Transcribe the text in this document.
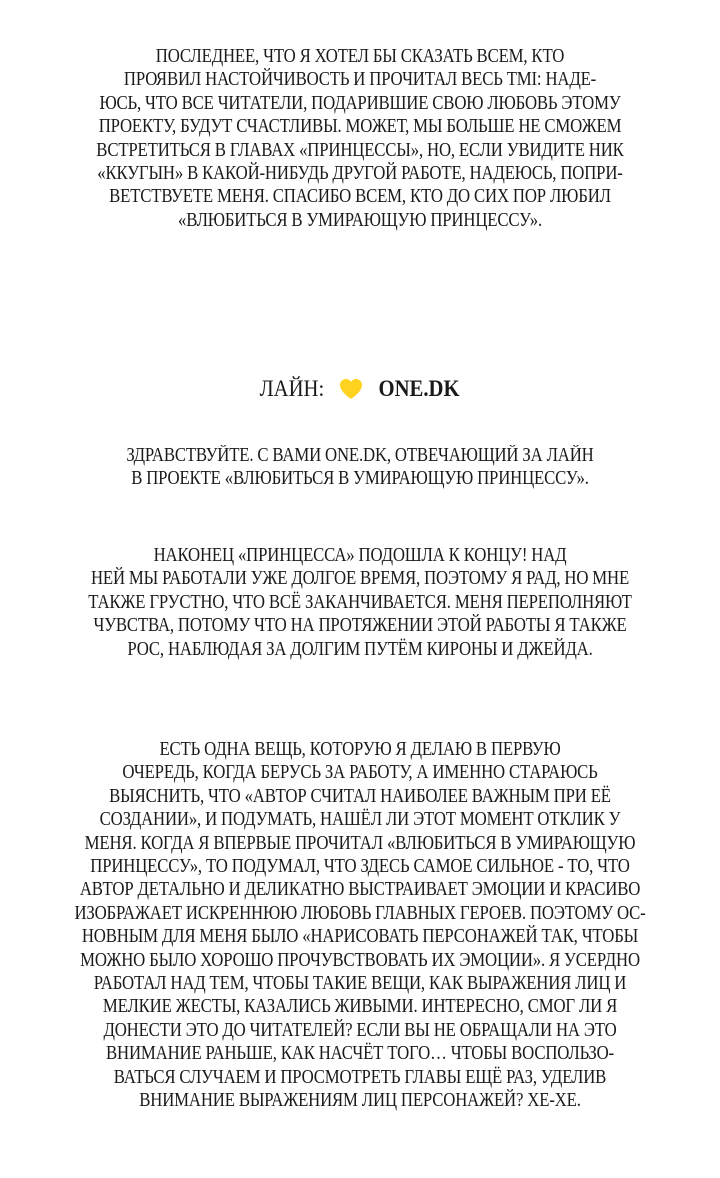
ПОСЛЕДНЕЕ, ЧТО Я ХОТЕЛ БЫ СКАЗАТЬ ВСЕМ, КТО
ПРОЯВИЛ НАСТОЙЧИВОСТЬ И ПРОЧИТАЛ ВЕСЬ TMI: НАДЕ-
ЮСЬ, ЧТО ВСЕ ЧИТАТЕЛИ, ПОДАРИВШИЕ СВОЮ ЛЮБОВЬ ЭТОМУ
ПРОЕКТУ, БУДУТ СЧАСТЛИВЫ. МОЖЕТ, МЫ БОЛЬШЕ НЕ СМОЖЕМ
ВСТРЕТИТЬСЯ В ГЛАВАХ «ПРИНЦЕССЫ», НО, ЕСЛИ УВИДИТЕ НИК
«ККУГЫН» В КАКОЙ-НИБУДЬ ДРУГОЙ РАБОТЕ, НАДЕЮСЬ, ПОПРИ-
ВЕТСТВУЕТЕ МЕНЯ. СПАСИБО ВСЕМ, КТО ДО СИХ ПОР ЛЮБИЛ
«ВЛЮБИТЬСЯ В УМИРАЮЩУЮ ПРИНЦЕССУ».
ЛАЙН: ONE.DK
ЗДРАВСТВУЙТЕ. С ВАМИ ONE.DK, ОТВЕЧАЮЩИЙ ЗА ЛАЙН
В ПРОЕКТЕ «ВЛЮБИТЬСЯ В УМИРАЮЩУЮ ПРИНЦЕССУ».
НАКОНЕЦ «ПРИНЦЕССА» ПОДОШЛА К КОНЦУ! НАД
НЕЙ МЫ РАБОТАЛИ УЖЕ ДОЛГОЕ ВРЕМЯ, ПОЭТОМУ Я РАД, НО МНЕ
ТАКЖЕ ГРУСТНО, ЧТО ВСЁ ЗАКАНЧИВАЕТСЯ. МЕНЯ ПЕРЕПОЛНЯЮТ
ЧУВСТВА, ПОТОМУ ЧТО НА ПРОТЯЖЕНИИ ЭТОЙ РАБОТЫ Я ТАКЖЕ
РОС, НАБЛЮДАЯ ЗА ДОЛГИМ ПУТЁМ КИРОНЫ И ДЖЕЙДА.
ЕСТЬ ОДНА ВЕЩЬ, КОТОРУЮ Я ДЕЛАЮ В ПЕРВУЮ
ОЧЕРЕДЬ, КОГДА БЕРУСЬ ЗА РАБОТУ, А ИМЕННО СТАРАЮСЬ
ВЫЯСНИТЬ, ЧТО «АВТОР СЧИТАЛ НАИБОЛЕЕ ВАЖНЫМ ПРИ ЕЁ
СОЗДАНИИ», И ПОДУМАТЬ, НАШЁЛ ЛИ ЭТОТ МОМЕНТ ОТКЛИК У
МЕНЯ. КОГДА Я ВПЕРВЫЕ ПРОЧИТАЛ «ВЛЮБИТЬСЯ В УМИРАЮЩУЮ
ПРИНЦЕССУ», ТО ПОДУМАЛ, ЧТО ЗДЕСЬ САМОЕ СИЛЬНОЕ - ТО, ЧТО
АВТОР ДЕТАЛЬНО И ДЕЛИКАТНО ВЫСТРАИВАЕТ ЭМОЦИИ И КРАСИВО
ИЗОБРАЖАЕТ ИСКРЕННЮЮ ЛЮБОВЬ ГЛАВНЫХ ГЕРОЕВ. ПОЭТОМУ ОС-
НОВНЫМ ДЛЯ МЕНЯ БЫЛО «НАРИСОВАТЬ ПЕРСОНАЖЕЙ ТАК, ЧТОБЫ
МОЖНО БЫЛО ХОРОШО ПРОЧУВСТВОВАТЬ ИХ ЭМОЦИИ». Я УСЕРДНО
РАБОТАЛ НАД ТЕМ, ЧТОБЫ ТАКИЕ ВЕЩИ, КАК ВЫРАЖЕНИЯ ЛИЦ И
МЕЛКИЕ ЖЕСТЫ, КАЗАЛИСЬ ЖИВЫМИ. ИНТЕРЕСНО, СМОГ ЛИ Я
ДОНЕСТИ ЭТО ДО ЧИТАТЕЛЕЙ? ЕСЛИ ВЫ НЕ ОБРАЩАЛИ НА ЭТО
ВНИМАНИЕ РАНЬШЕ, КАК НАСЧЁТ ТОГО… ЧТОБЫ ВОСПОЛЬЗО-
ВАТЬСЯ СЛУЧАЕМ И ПРОСМОТРЕТЬ ГЛАВЫ ЕЩЁ РАЗ, УДЕЛИВ
ВНИМАНИЕ ВЫРАЖЕНИЯМ ЛИЦ ПЕРСОНАЖЕЙ? ХЕ-ХЕ.
